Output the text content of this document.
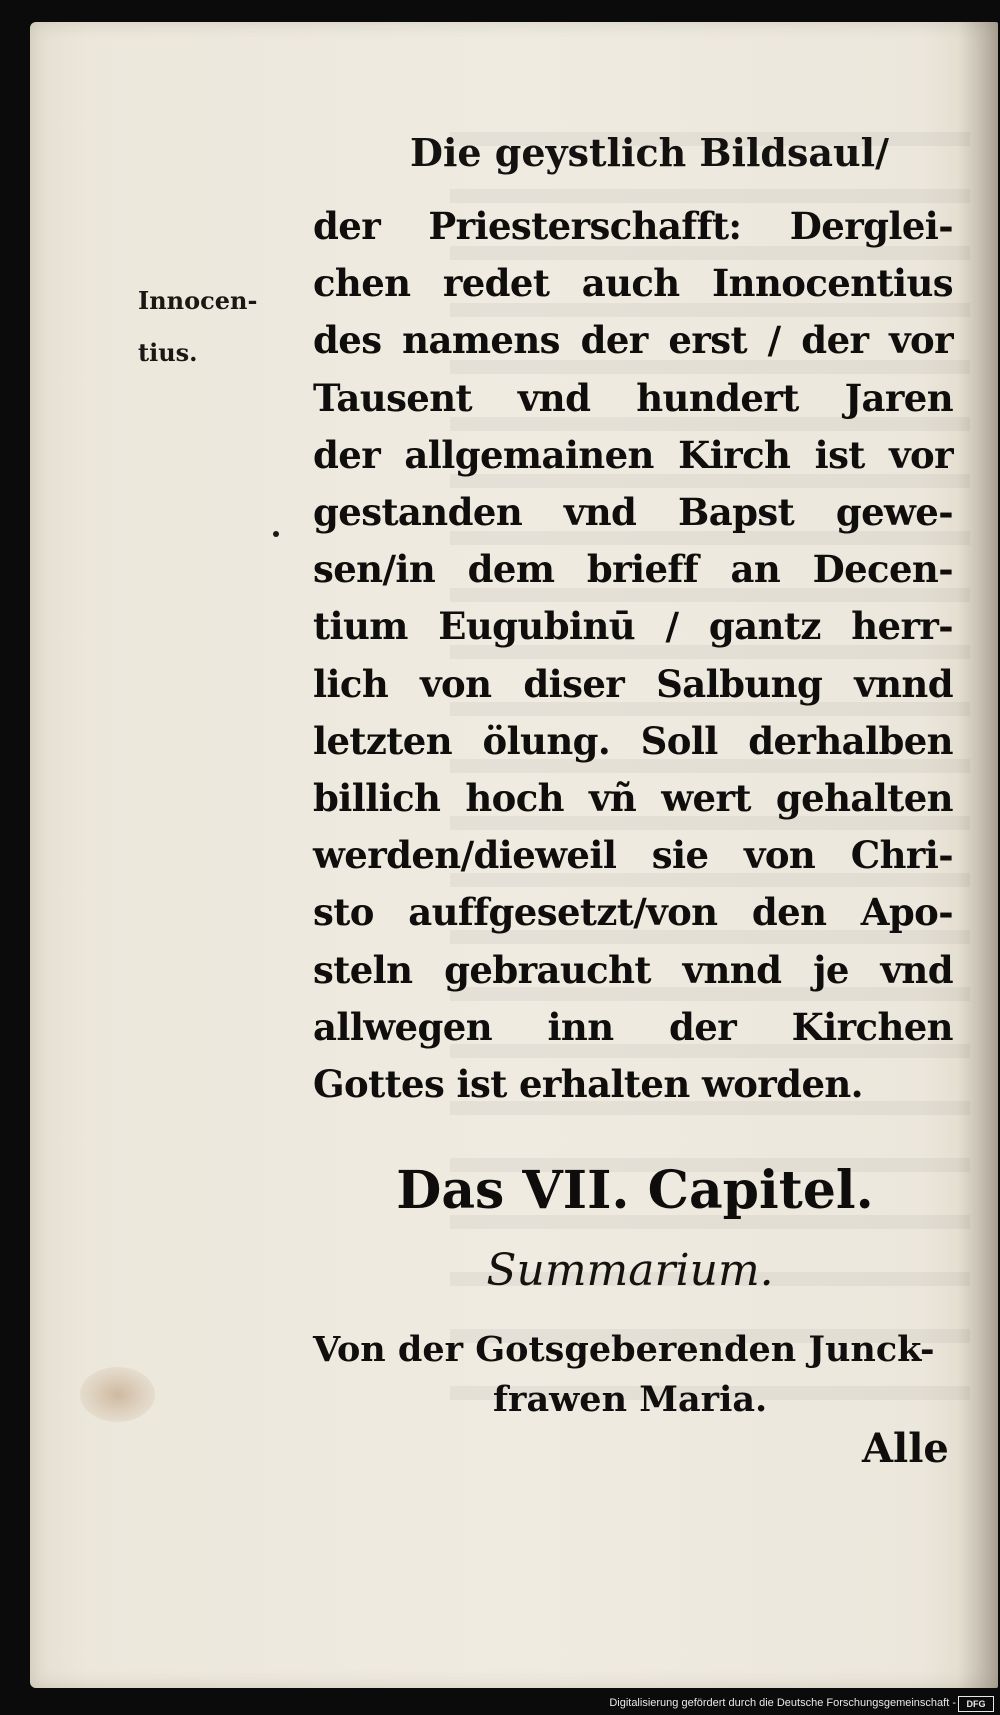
Die geystlich Bildsaul/
Innocen-
tius.
der Priesterschafft: Derglei-
chen redet auch Innocentius
des namens der erst / der vor
Tausent vnd hundert Jaren
der allgemainen Kirch ist vor
gestanden vnd Bapst gewe-
sen/in dem brieff an Decen-
tium Eugubinū / gantz herr-
lich von diser Salbung vnnd
letzten ölung. Soll derhalben
billich hoch vñ wert gehalten
werden/dieweil sie von Chri-
sto auffgesetzt/von den Apo-
steln gebraucht vnnd je vnd
allwegen inn der Kirchen
Gottes ist erhalten worden.
Das VII. Capitel.
Summarium.
Von der Gotsgeberenden Junck-
frawen Maria.
Alle
Digitalisierung gefördert durch die Deutsche Forschungsgemeinschaft -	DFG
